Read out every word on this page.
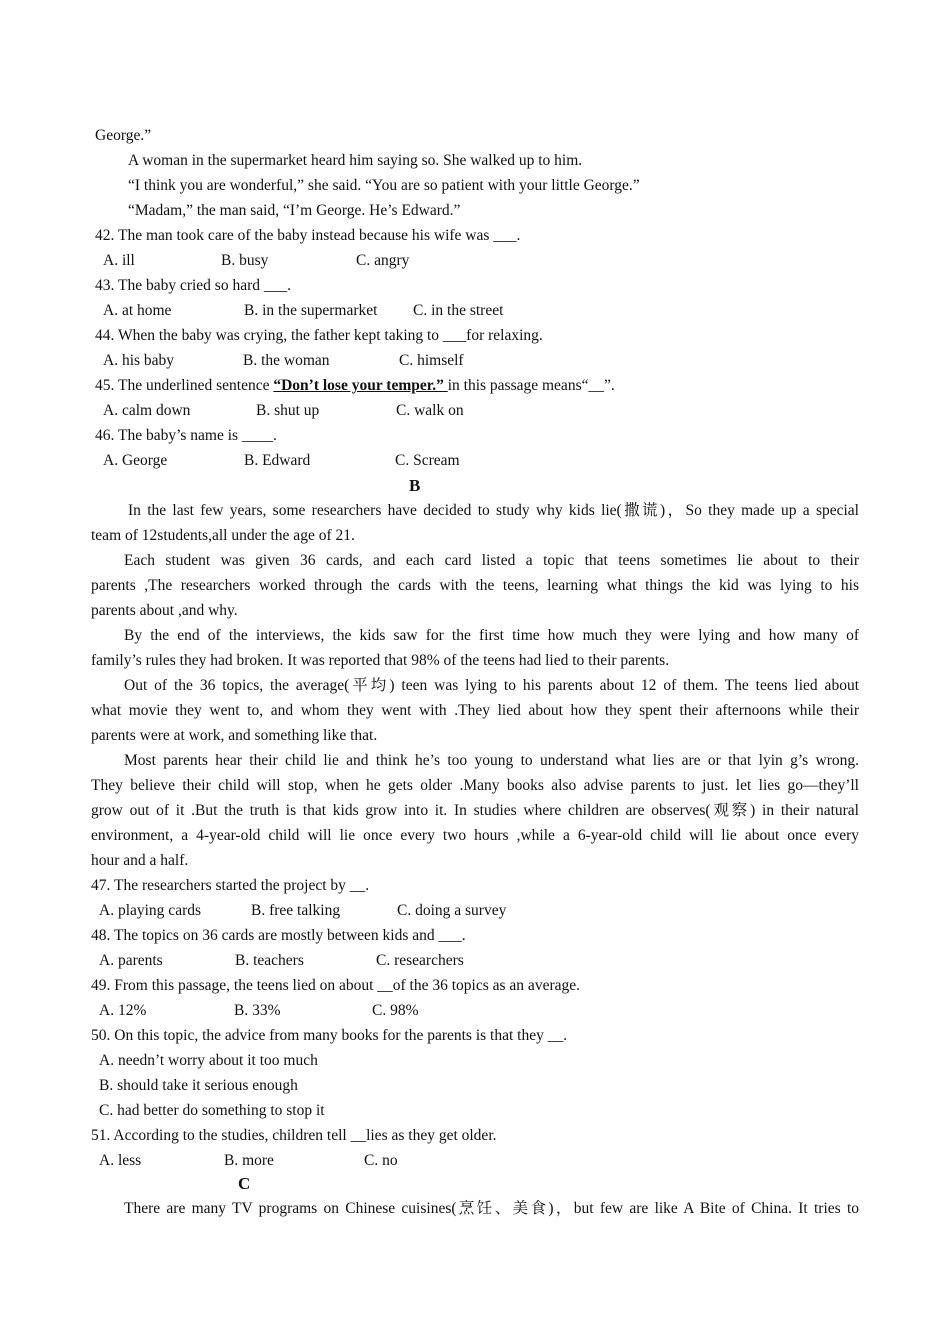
George.”
A woman in the supermarket heard him saying so. She walked up to him.
“I think you are wonderful,” she said. “You are so patient with your little George.”
“Madam,” the man said, “I’m George. He’s Edward.”
42. The man took care of the baby instead because his wife was ___.
A. ill	B. busy	C. angry
43. The baby cried so hard ___.
A. at home	B. in the supermarket C. in the street
44. When the baby was crying, the father kept taking to ___for relaxing.
A. his baby	B. the woman	C. himself
45. The underlined sentence “Don’t lose your temper.” in this passage means“__”.
A. calm down	B. shut up	C. walk on
46. The baby’s name is ____.
A. George	B. Edward	C. Scream
B
In the last few years, some researchers have decided to study why kids lie(撒谎)，So they made up a special
team of 12students,all under the age of 21.
Each student was given 36 cards, and each card listed a topic that teens sometimes lie about to their
parents ,The researchers worked through the cards with the teens, learning what things the kid was lying to his
parents about ,and why.
By the end of the interviews, the kids saw for the first time how much they were lying and how many of
family’s rules they had broken. It was reported that 98% of the teens had lied to their parents.
Out of the 36 topics, the average(平均) teen was lying to his parents about 12 of them. The teens lied about
what movie they went to, and whom they went with .They lied about how they spent their afternoons while their
parents were at work, and something like that.
Most parents hear their child lie and think he’s too young to understand what lies are or that lyin g’s wrong.
They believe their child will stop, when he gets older .Many books also advise parents to just. let lies go—they’ll
grow out of it .But the truth is that kids grow into it. In studies where children are observes(观察) in their natural
environment, a 4-year-old child will lie once every two hours ,while a 6-year-old child will lie about once every
hour and a half.
47. The researchers started the project by __.
A. playing cards	B. free talking	C. doing a survey
48. The topics on 36 cards are mostly between kids and ___.
A. parents	B. teachers	C. researchers
49. From this passage, the teens lied on about __of the 36 topics as an average.
A. 12%	B. 33%	C. 98%
50. On this topic, the advice from many books for the parents is that they __.
A. needn’t worry about it too much
B. should take it serious enough
C. had better do something to stop it
51. According to the studies, children tell __lies as they get older.
A. less	B. more	C. no
C
There are many TV programs on Chinese cuisines(烹饪、美食)，but few are like A Bite of China. It tries to
